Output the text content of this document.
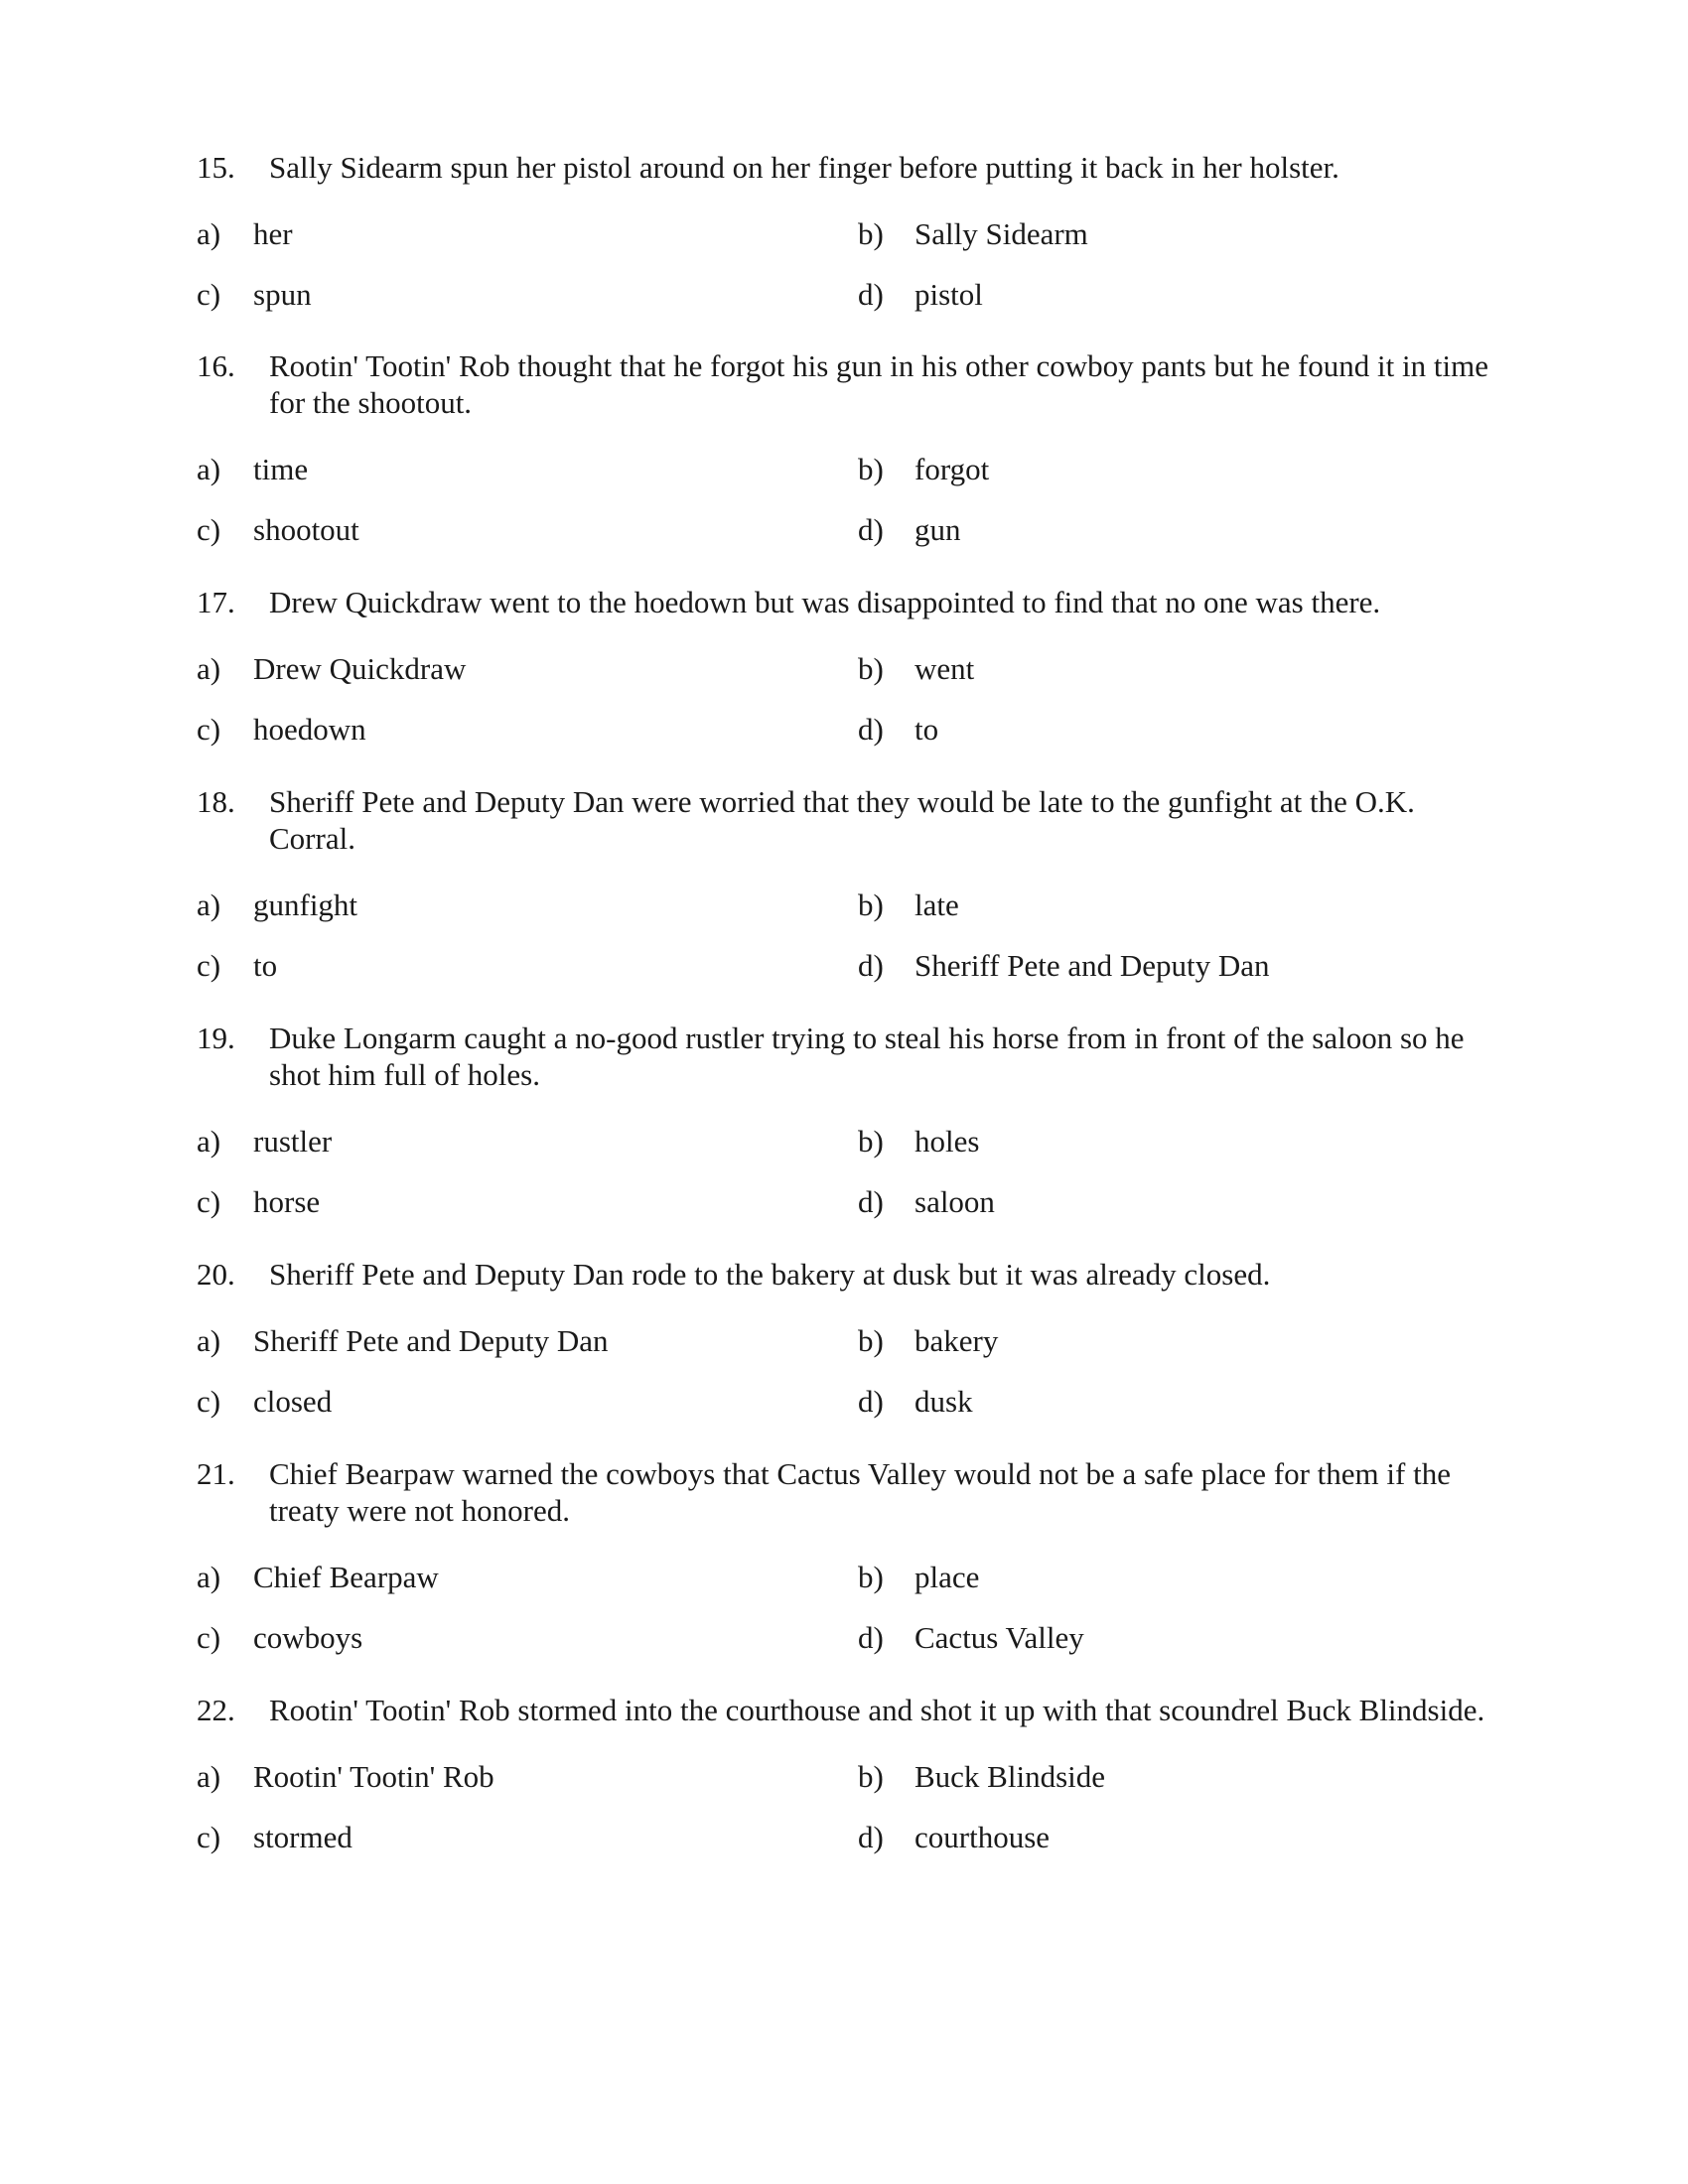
15. Sally Sidearm spun her pistol around on her finger before putting it back in her holster.
a) her	b) Sally Sidearm
c) spun	d) pistol
16. Rootin' Tootin' Rob thought that he forgot his gun in his other cowboy pants but he found it in time for the shootout.
a) time	b) forgot
c) shootout	d) gun
17. Drew Quickdraw went to the hoedown but was disappointed to find that no one was there.
a) Drew Quickdraw	b) went
c) hoedown	d) to
18. Sheriff Pete and Deputy Dan were worried that they would be late to the gunfight at the O.K. Corral.
a) gunfight	b) late
c) to	d) Sheriff Pete and Deputy Dan
19. Duke Longarm caught a no-good rustler trying to steal his horse from in front of the saloon so he shot him full of holes.
a) rustler	b) holes
c) horse	d) saloon
20. Sheriff Pete and Deputy Dan rode to the bakery at dusk but it was already closed.
a) Sheriff Pete and Deputy Dan	b) bakery
c) closed	d) dusk
21. Chief Bearpaw warned the cowboys that Cactus Valley would not be a safe place for them if the treaty were not honored.
a) Chief Bearpaw	b) place
c) cowboys	d) Cactus Valley
22. Rootin' Tootin' Rob stormed into the courthouse and shot it up with that scoundrel Buck Blindside.
a) Rootin' Tootin' Rob	b) Buck Blindside
c) stormed	d) courthouse
